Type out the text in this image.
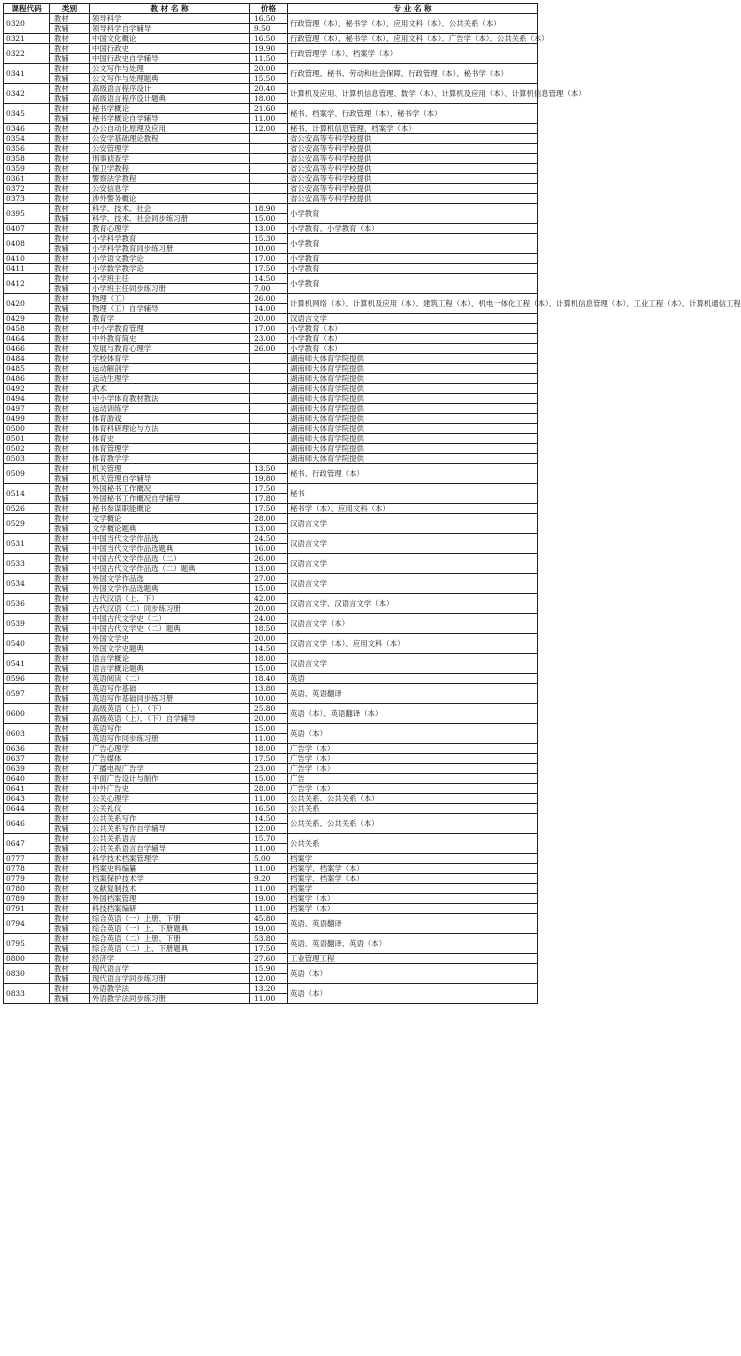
课程代码	类别	教 材 名 称	价格	专 业 名 称
0320	教材	领导科学	16.50	行政管理（本）、秘书学（本）、应用文科（本）、公共关系（本）
	教辅	领导科学自学辅导	9.50	
0321	教材	中国文化概论	16.50	行政管理（本）、秘书学（本）、应用文科（本）、广告学（本）、公共关系（本）
0322	教材	中国行政史	19.90	行政管理学（本）、档案学（本）
	教辅	中国行政史自学辅导	11.50	
0341	教材	公文写作与处理	20.00	行政管理、秘书、劳动和社会保障、行政管理（本）、秘书学（本）
	教辅	公文写作与处理题典	15.50	
0342	教材	高级语言程序设计	20.40	计算机及应用、计算机信息管理、数学（本）、计算机及应用（本）、计算机信息管理（本）
	教辅	高级语言程序设计题典	18.00	
0345	教材	秘书学概论	21.60	秘书、档案学、行政管理（本）、秘书学（本）
	教辅	秘书学概论自学辅导	11.00	
0346	教材	办公自动化原理及应用	12.00	秘书、计算机信息管理、档案学（本）
0354	教材	公安学基础理论教程		省公安高等专科学校提供
0356	教材	公安管理学		省公安高等专科学校提供
0358	教材	刑事侦查学		省公安高等专科学校提供
0359	教材	保卫学教程		省公安高等专科学校提供
0361	教材	警察法学教程		省公安高等专科学校提供
0372	教材	公安信息学		省公安高等专科学校提供
0373	教材	涉外警务概论		省公安高等专科学校提供
0395	教材	科学、技术、社会	18.90	小学教育
	教辅	科学、技术、社会同步练习册	15.00	
0407	教材	教育心理学	13.00	小学教育、小学教育（本）
0408	教材	小学科学教育	15.30	小学教育
	教辅	小学科学教育同步练习册	10.00	
0410	教材	小学语文教学论	17.00	小学教育
0411	教材	小学数学教学论	17.50	小学教育
0412	教材	小学班主任	14.50	小学教育
	教辅	小学班主任同步练习册	7.00	
0420	教材	物理（工）	26.00	计算机网络（本）、计算机及应用（本）、建筑工程（本）、机电一体化工程（本）、计算机信息管理（本）、工业工程（本）、计算机通信工程
	教辅	物理（工）自学辅导	14.00	
0429	教材	教育学	20.00	汉语言文学
0458	教材	中小学教育管理	17.00	小学教育（本）
0464	教材	中外教育简史	23.00	小学教育（本）
0466	教材	发展与教育心理学	26.00	小学教育（本）
0484	教材	学校体育学		湖南师大体育学院提供
0485	教材	运动解剖学		湖南师大体育学院提供
0486	教材	运动生理学		湖南师大体育学院提供
0492	教材	武术		湖南师大体育学院提供
0494	教材	中小学体育教材教法		湖南师大体育学院提供
0497	教材	运动训练学		湖南师大体育学院提供
0499	教材	体育游戏		湖南师大体育学院提供
0500	教材	体育科研理论与方法		湖南师大体育学院提供
0501	教材	体育史		湖南师大体育学院提供
0502	教材	体育管理学		湖南师大体育学院提供
0503	教材	体育教学学		湖南师大体育学院提供
0509	教材	机关管理	13.50	秘书、行政管理（本）
	教辅	机关管理自学辅导	19.80	
0514	教材	外国秘书工作概况	17.50	秘书
	教辅	外国秘书工作概况自学辅导	17.80	
0526	教材	秘书参谋职能概论	17.50	秘书学（本）、应用文科（本）
0529	教材	文学概论	28.00	汉语言文学
	教辅	文学概论题典	13.00	
0531	教材	中国当代文学作品选	24.50	汉语言文学
	教辅	中国当代文学作品选题典	16.00	
0533	教材	中国古代文学作品选（二）	26.00	汉语言文学
	教辅	中国古代文学作品选（二）题典	13.00	
0534	教材	外国文学作品选	27.00	汉语言文学
	教辅	外国文学作品选题典	15.00	
0536	教材	古代汉语（上、下）	42.00	汉语言文学、汉语言文学（本）
	教辅	古代汉语（二）同步练习册	20.00	
0539	教材	中国古代文学史（二）	24.00	汉语言文学（本）
	教辅	中国古代文学史（二）题典	18.50	
0540	教材	外国文学史	20.00	汉语言文学（本）、应用文科（本）
	教辅	外国文学史题典	14.50	
0541	教材	语言学概论	18.00	汉语言文学
	教辅	语言学概论题典	15.00	
0596	教材	英语阅读（二）	18.40	英语
0597	教材	英语写作基础	13.80	英语、英语翻译
	教辅	英语写作基础同步练习册	10.00	
0600	教材	高级英语（上）、（下）	25.80	英语（本）、英语翻译（本）
	教辅	高级英语（上）、（下）自学辅导	20.00	
0603	教材	英语写作	15.00	英语（本）
	教辅	英语写作同步练习册	11.00	
0636	教材	广告心理学	18.00	广告学（本）
0637	教材	广告媒体	17.50	广告学（本）
0639	教材	广播电视广告学	23.00	广告学（本）
0640	教材	平面广告设计与制作	15.00	广告
0641	教材	中外广告史	28.00	广告学（本）
0643	教材	公关心理学	11.00	公共关系、公共关系（本）
0644	教材	公关礼仪	16.50	公共关系
0646	教材	公共关系写作	14.50	公共关系、公共关系（本）
	教辅	公共关系写作自学辅导	12.00	
0647	教材	公共关系语言	15.70	公共关系
	教辅	公共关系语言自学辅导	11.00	
0777	教材	科学技术档案管理学	5.00	档案学
0778	教材	档案史料编纂	11.00	档案学、档案学（本）
0779	教材	档案保护技术学	9.20	档案学、档案学（本）
0780	教材	文献复制技术	11.00	档案学
0789	教材	外国档案管理	19.00	档案学（本）
0791	教材	科技档案编研	11.00	档案学（本）
0794	教材	综合英语（一）上册、下册	45.80	英语、英语翻译
	教辅	综合英语（一）上、下册题典	19.00	
0795	教材	综合英语（二）上册、下册	53.80	英语、英语翻译、英语（本）
	教辅	综合英语（二）上、下册题典	17.50	
0800	教材	经济学	27.60	工业管理工程
0830	教材	现代语言学	15.90	英语（本）
	教辅	现代语言学同步练习册	12.00	
0833	教材	外语教学法	13.20	英语（本）
	教辅	外语教学法同步练习册	11.00	
